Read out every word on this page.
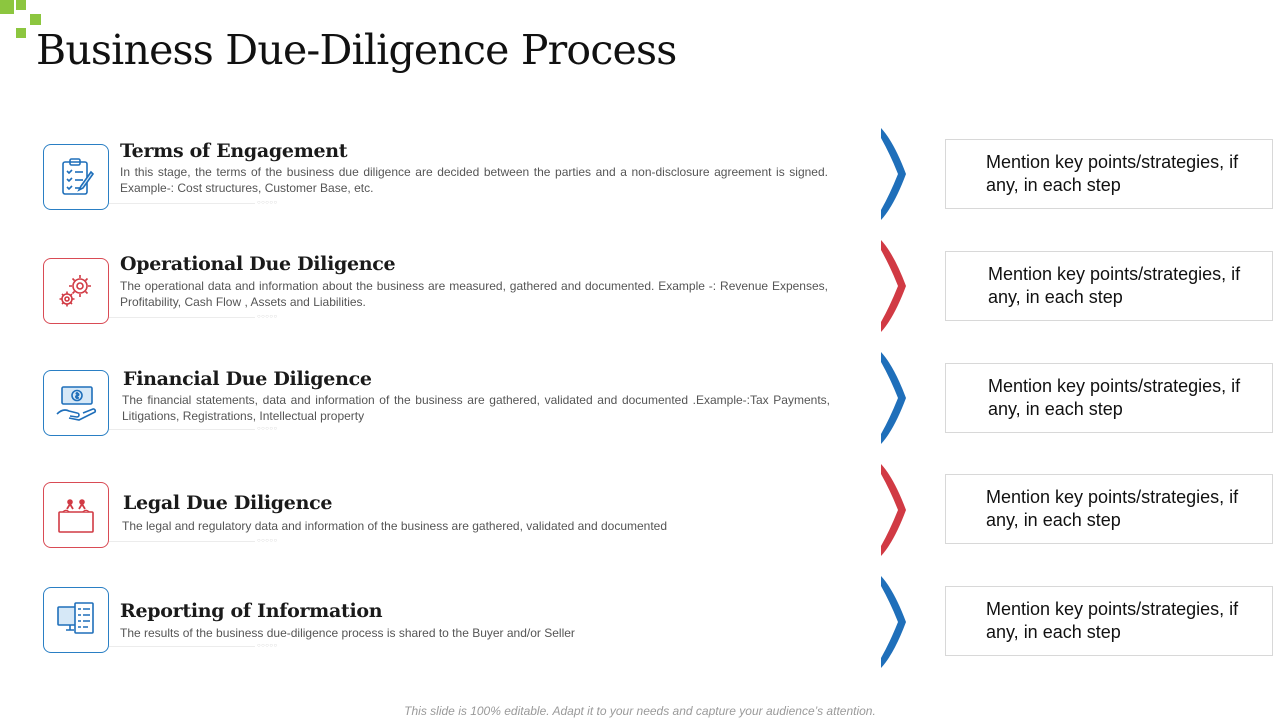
Business Due-Diligence Process
○○○○○
Terms of Engagement
In this stage, the terms of the business due diligence are decided between the parties and a non-disclosure agreement is signed. Example-: Cost structures, Customer Base, etc.
Mention key points/strategies, if any, in each step
○○○○○
Operational Due Diligence
The operational data and information about the business are measured, gathered and documented. Example -: Revenue Expenses, Profitability, Cash Flow , Assets and Liabilities.
Mention key points/strategies, if any, in each step
○○○○○
Financial Due Diligence
The financial statements, data and information of the business are gathered, validated and documented .Example-:Tax Payments, Litigations, Registrations, Intellectual property
Mention key points/strategies, if any, in each step
○○○○○
Legal Due Diligence
The legal and regulatory data and information of the business are gathered, validated and documented
Mention key points/strategies, if any, in each step
○○○○○
Reporting of Information
The results of the business due-diligence process is shared to the Buyer and/or Seller
Mention key points/strategies, if any, in each step
This slide is 100% editable. Adapt it to your needs and capture your audience’s attention.
